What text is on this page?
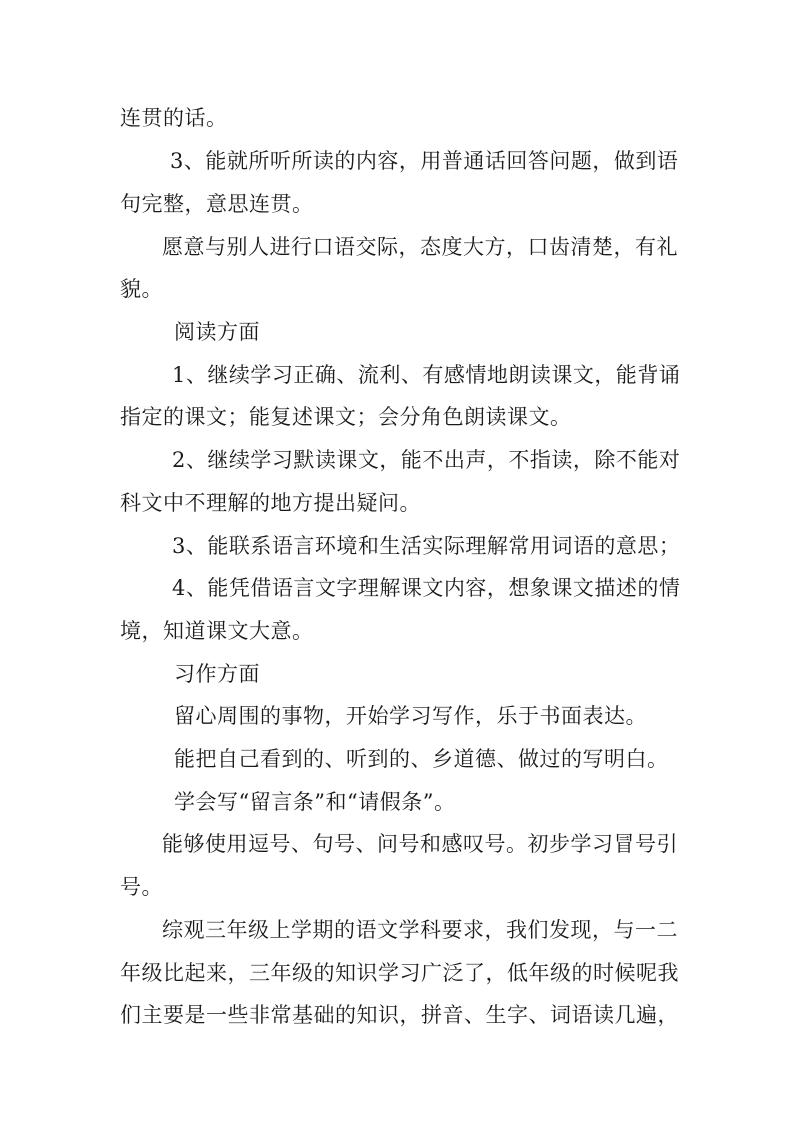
连贯的话。
3、能就所听所读的内容，用普通话回答问题，做到语
句完整，意思连贯。
愿意与别人进行口语交际，态度大方，口齿清楚，有礼
貌。
阅读方面
1、继续学习正确、流利、有感情地朗读课文，能背诵
指定的课文；能复述课文；会分角色朗读课文。
2、继续学习默读课文，能不出声，不指读，除不能对
科文中不理解的地方提出疑问。
3、能联系语言环境和生活实际理解常用词语的意思；
4、能凭借语言文字理解课文内容，想象课文描述的情
境，知道课文大意。
习作方面
留心周围的事物，开始学习写作，乐于书面表达。
能把自己看到的、听到的、乡道德、做过的写明白。
学会写“留言条”和“请假条”。
能够使用逗号、句号、问号和感叹号。初步学习冒号引
号。
综观三年级上学期的语文学科要求，我们发现，与一二
年级比起来，三年级的知识学习广泛了，低年级的时候呢我
们主要是一些非常基础的知识，拼音、生字、词语读几遍，
